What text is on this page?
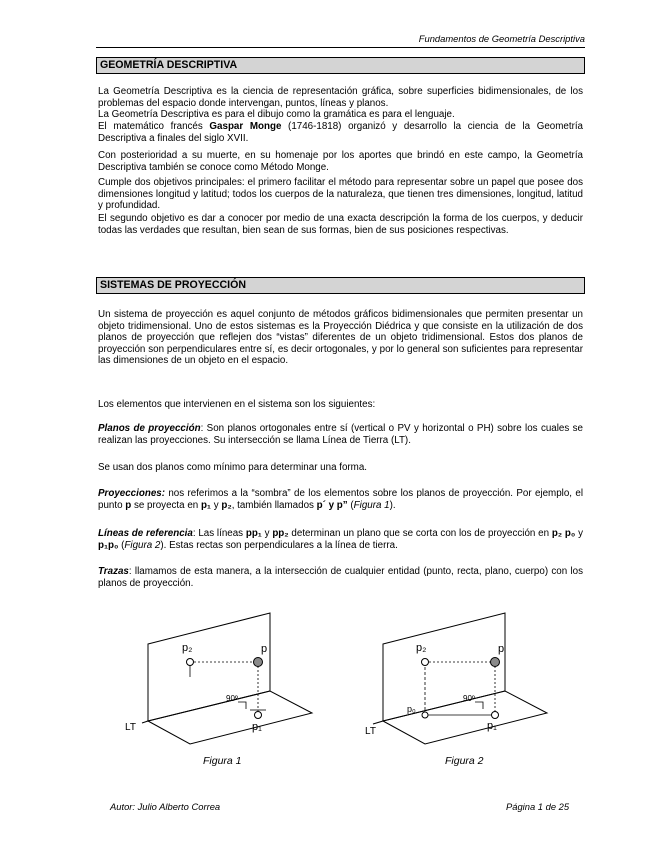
Fundamentos de Geometría Descriptiva
GEOMETRÍA DESCRIPTIVA
La Geometría Descriptiva es la ciencia de representación gráfica, sobre superficies bidimensionales, de los problemas del espacio donde intervengan, puntos, líneas y planos.
La Geometría Descriptiva es para el dibujo como la gramática es para el lenguaje.
El matemático francés Gaspar Monge (1746-1818) organizó y desarrollo la ciencia de la Geometría Descriptiva a finales del siglo XVII.
Con posterioridad a su muerte, en su homenaje por los aportes que brindó en este campo, la Geometría Descriptiva también se conoce como Método Monge.
Cumple dos objetivos principales: el primero facilitar el método para representar sobre un papel que posee dos dimensiones longitud y latitud; todos los cuerpos de la naturaleza, que tienen tres dimensiones, longitud, latitud y profundidad.
El segundo objetivo es dar a conocer por medio de una exacta descripción la forma de los cuerpos, y deducir todas las verdades que resultan, bien sean de sus formas, bien de sus posiciones respectivas.
SISTEMAS DE PROYECCIÓN
Un sistema de proyección es aquel conjunto de métodos gráficos bidimensionales que permiten presentar un objeto tridimensional. Uno de estos sistemas es la Proyección Diédrica y que consiste en la utilización de dos planos de proyección que reflejen dos “vistas” diferentes de un objeto tridimensional. Estos dos planos de proyección son perpendiculares entre sí, es decir ortogonales, y por lo general son suficientes para representar las dimensiones de un objeto en el espacio.
Los elementos que intervienen en el sistema son los siguientes:
Planos de proyección: Son planos ortogonales entre sí (vertical o PV y horizontal o PH) sobre los cuales se realizan las proyecciones. Su intersección se llama Línea de Tierra (LT).
Se usan dos planos como mínimo para determinar una forma.
Proyecciones: nos referimos a la “sombra” de los elementos sobre los planos de proyección. Por ejemplo, el punto p se proyecta en p₁ y p₂, también llamados p´ y p” (Figura 1).
Líneas de referencia: Las líneas pp₁ y pp₂ determinan un plano que se corta con los de proyección en p₂ p₀ y p₁p₀ (Figura 2). Estas rectas son perpendiculares a la línea de tierra.
Trazas: llamamos de esta manera, a la intersección de cualquier entidad (punto, recta, plano, cuerpo) con los planos de proyección.
p₂	p
90º
p₁
LT
Figura 1
p₂	p
90º
p₀
p₁
LT
Figura 2
Autor: Julio Alberto Correa	Página 1 de 25
